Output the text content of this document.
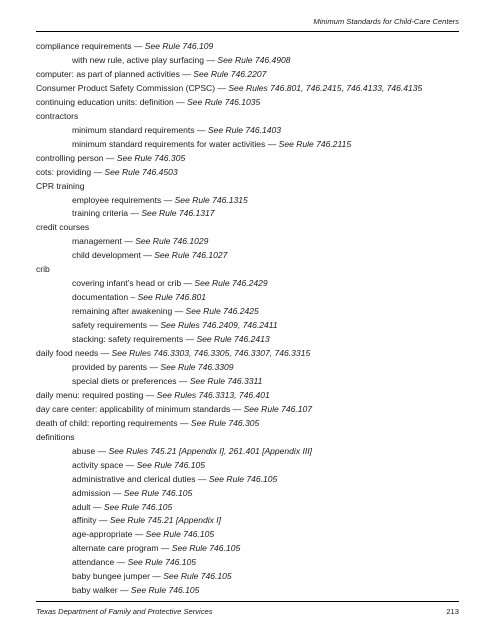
Minimum Standards for Child-Care Centers
compliance requirements — See Rule 746.109
with new rule, active play surfacing — See Rule 746.4908
computer: as part of planned activities — See Rule 746.2207
Consumer Product Safety Commission (CPSC) — See Rules 746.801, 746.2415, 746.4133, 746.4135
continuing education units: definition — See Rule 746.1035
contractors
minimum standard requirements — See Rule 746.1403
minimum standard requirements for water activities — See Rule 746.2115
controlling person — See Rule 746.305
cots: providing — See Rule 746.4503
CPR training
employee requirements — See Rule 746.1315
training criteria — See Rule 746.1317
credit courses
management — See Rule 746.1029
child development — See Rule 746.1027
crib
covering infant’s head or crib — See Rule 746.2429
documentation – See Rule 746.801
remaining after awakening — See Rule 746.2425
safety requirements — See Rules 746.2409, 746.2411
stacking: safety requirements — See Rule 746.2413
daily food needs — See Rules 746.3303, 746.3305, 746.3307, 746.3315
provided by parents — See Rule 746.3309
special diets or preferences — See Rule 746.3311
daily menu: required posting — See Rules 746.3313, 746.401
day care center: applicability of minimum standards — See Rule 746.107
death of child: reporting requirements — See Rule 746.305
definitions
abuse — See Rules 745.21 [Appendix I], 261.401 [Appendix III]
activity space — See Rule 746.105
administrative and clerical duties — See Rule 746.105
admission — See Rule 746.105
adult — See Rule 746.105
affinity — See Rule 745.21 [Appendix I]
age-appropriate — See Rule 746.105
alternate care program — See Rule 746.105
attendance — See Rule 746.105
baby bungee jumper — See Rule 746.105
baby walker — See Rule 746.105
Texas Department of Family and Protective Services	213
